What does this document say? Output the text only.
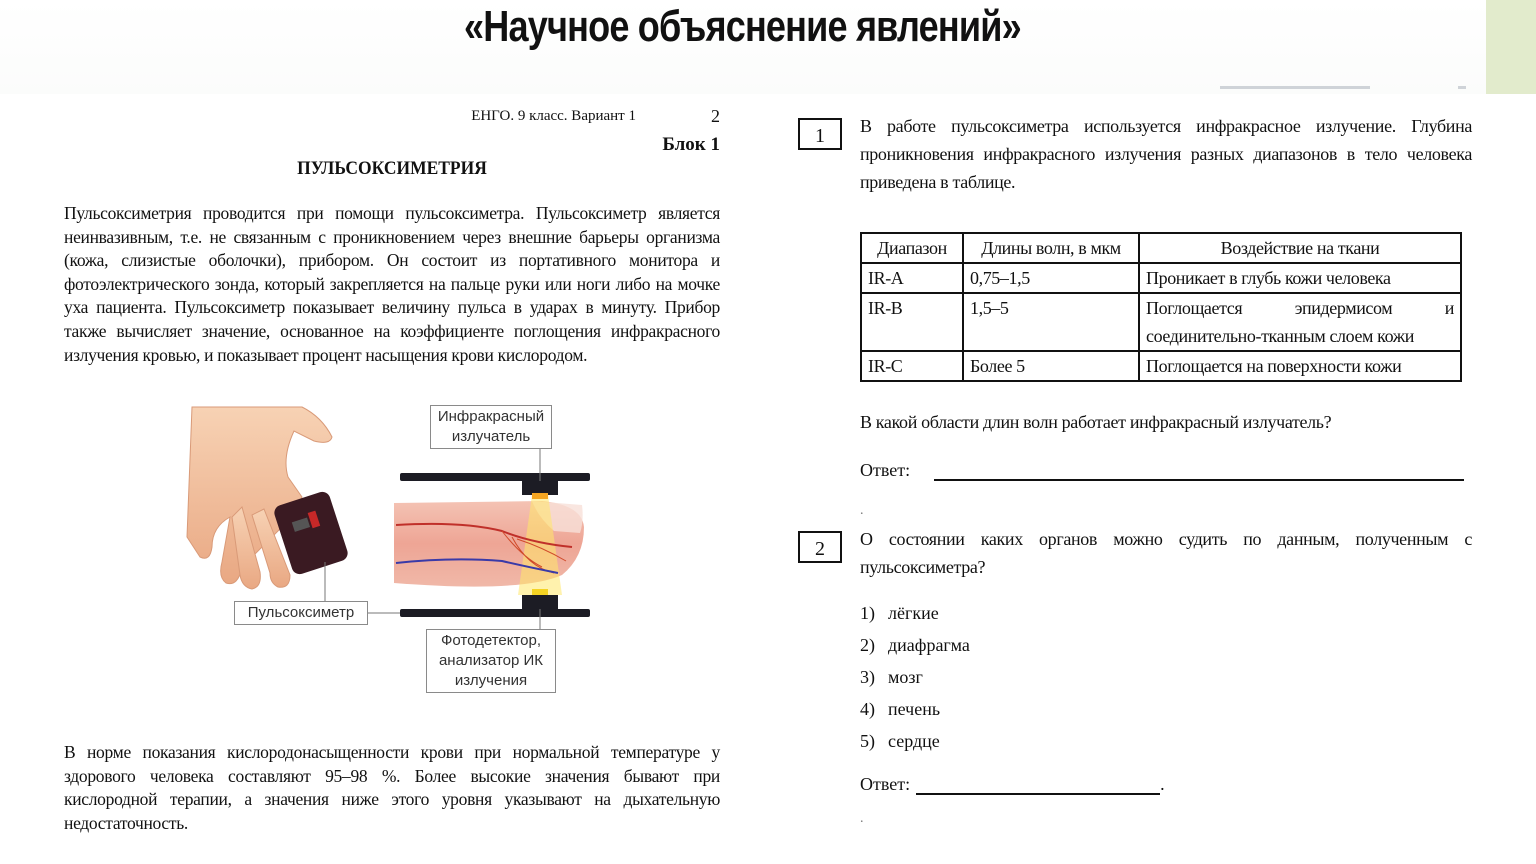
«Научное объяснение явлений»
ЕНГО. 9 класс. Вариант 1	2
Блок 1
ПУЛЬСОКСИМЕТРИЯ

Пульсоксиметрия проводится при помощи пульсоксиметра. Пульсоксиметр является неинвазивным, т.е. не связанным с проникновением через внешние барьеры организма (кожа, слизистые оболочки), прибором. Он состоит из портативного монитора и фотоэлектрического зонда, который закрепляется на пальце руки или ноги либо на мочке уха пациента. Пульсоксиметр показывает величину пульса в ударах в минуту. Прибор также вычисляет значение, основанное на коэффициенте поглощения инфракрасного излучения кровью, и показывает процент насыщения крови кислородом.

Инфракрасный излучатель
Пульсоксиметр
Фотодетектор, анализатор ИК излучения

В норме показания кислородонасыщенности крови при нормальной температуре у здорового человека составляют 95–98 %. Более высокие значения бывают при кислородной терапии, а значения ниже этого уровня указывают на дыхательную недостаточность.

1	В работе пульсоксиметра используется инфракрасное излучение. Глубина проникновения инфракрасного излучения разных диапазонов в тело человека приведена в таблице.
Диапазон	Длины волн, в мкм	Воздействие на ткани
IR-A	0,75–1,5	Проникает в глубь кожи человека
IR-B	1,5–5	Поглощается эпидермисом и соединительно-тканным слоем кожи
IR-C	Более 5	Поглощается на поверхности кожи
В какой области длин волн работает инфракрасный излучатель?
Ответ:
.
2	О состоянии каких органов можно судить по данным, полученным с пульсоксиметра?
1) лёгкие
2) диафрагма
3) мозг
4) печень
5) сердце
Ответ:	.
.
